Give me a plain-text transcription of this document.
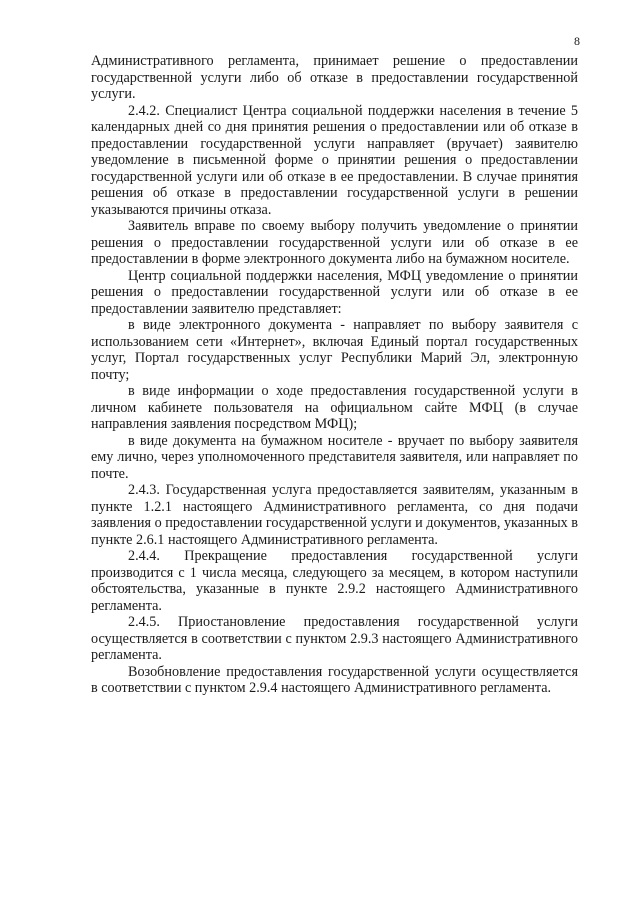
8

Административного регламента, принимает решение о предоставлении государственной услуги либо об отказе в предоставлении государственной услуги.

2.4.2. Специалист Центра социальной поддержки населения в течение 5 календарных дней со дня принятия решения о предоставлении или об отказе в предоставлении государственной услуги направляет (вручает) заявителю уведомление в письменной форме о принятии решения о предоставлении государственной услуги или об отказе в ее предоставлении. В случае принятия решения об отказе в предоставлении государственной услуги в решении указываются причины отказа.

Заявитель вправе по своему выбору получить уведомление о принятии решения о предоставлении государственной услуги или об отказе в ее предоставлении в форме электронного документа либо на бумажном носителе.

Центр социальной поддержки населения, МФЦ уведомление о принятии решения о предоставлении государственной услуги или об отказе в ее предоставлении заявителю представляет:

в виде электронного документа - направляет по выбору заявителя с использованием сети «Интернет», включая Единый портал государственных услуг, Портал государственных услуг Республики Марий Эл, электронную почту;

в виде информации о ходе предоставления государственной услуги в личном кабинете пользователя на официальном сайте МФЦ (в случае направления заявления посредством МФЦ);

в виде документа на бумажном носителе - вручает по выбору заявителя ему лично, через уполномоченного представителя заявителя, или направляет по почте.

2.4.3. Государственная услуга предоставляется заявителям, указанным в пункте 1.2.1 настоящего Административного регламента, со дня подачи заявления о предоставлении государственной услуги и документов, указанных в пункте 2.6.1 настоящего Административного регламента.

2.4.4. Прекращение предоставления государственной услуги производится с 1 числа месяца, следующего за месяцем, в котором наступили обстоятельства, указанные в пункте 2.9.2 настоящего Административного регламента.

2.4.5. Приостановление предоставления государственной услуги осуществляется в соответствии с пунктом 2.9.3 настоящего Административного регламента.

Возобновление предоставления государственной услуги осуществляется в соответствии с пунктом 2.9.4 настоящего Административного регламента.
